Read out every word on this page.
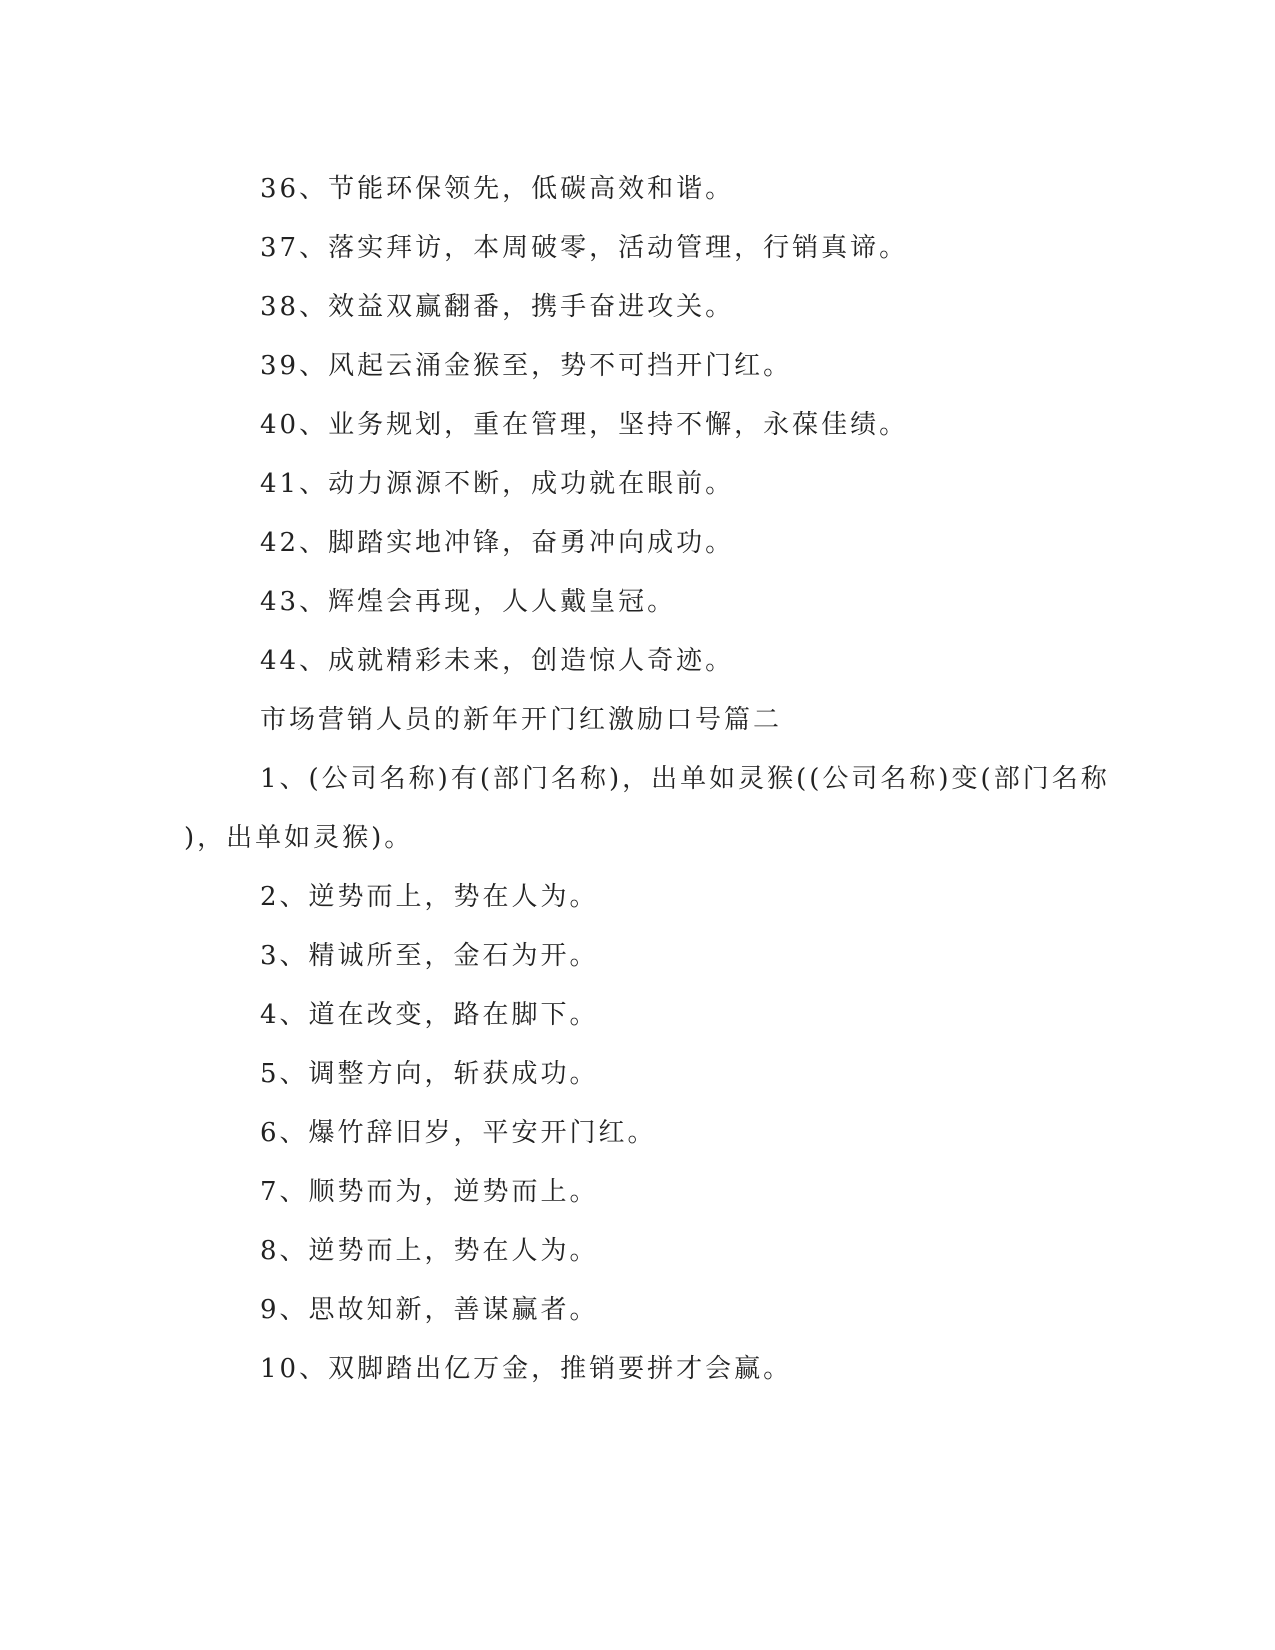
36、节能环保领先，低碳高效和谐。
37、落实拜访，本周破零，活动管理，行销真谛。
38、效益双赢翻番，携手奋进攻关。
39、风起云涌金猴至，势不可挡开门红。
40、业务规划，重在管理，坚持不懈，永葆佳绩。
41、动力源源不断，成功就在眼前。
42、脚踏实地冲锋，奋勇冲向成功。
43、辉煌会再现，人人戴皇冠。
44、成就精彩未来，创造惊人奇迹。
市场营销人员的新年开门红激励口号篇二
1、(公司名称)有(部门名称)，出单如灵猴((公司名称)变(部门名称
)，出单如灵猴)。
2、逆势而上，势在人为。
3、精诚所至，金石为开。
4、道在改变，路在脚下。
5、调整方向，斩获成功。
6、爆竹辞旧岁，平安开门红。
7、顺势而为，逆势而上。
8、逆势而上，势在人为。
9、思故知新，善谋赢者。
10、双脚踏出亿万金，推销要拼才会赢。
